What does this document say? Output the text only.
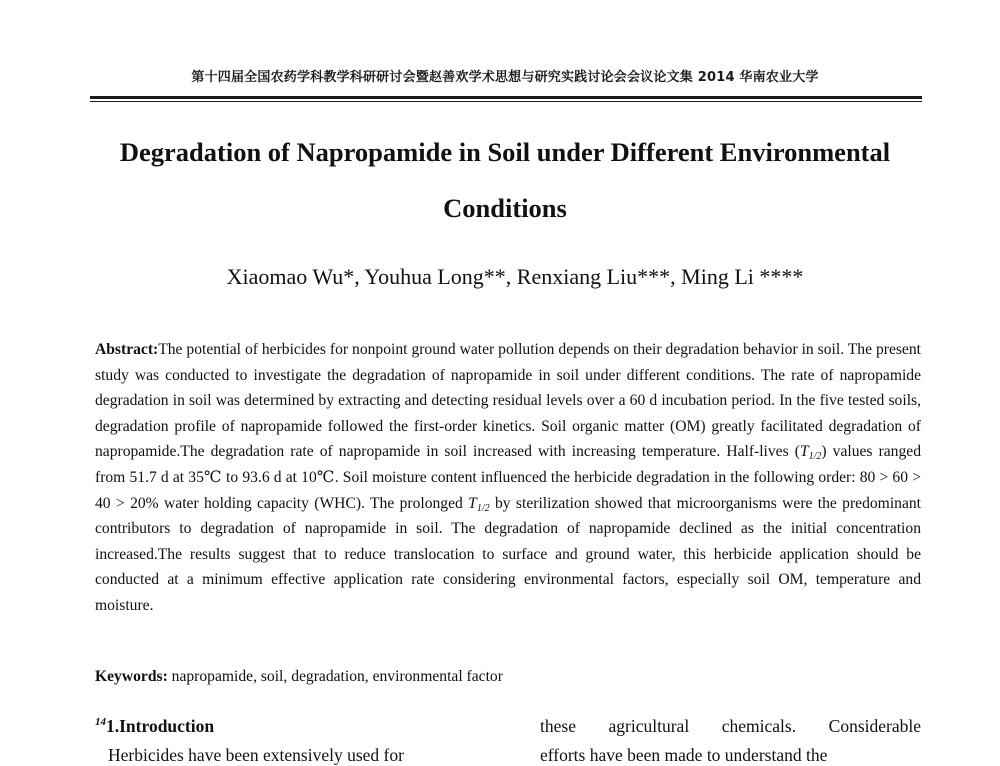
第十四届全国农药学科教学科研研讨会暨赵善欢学术思想与研究实践讨论会会议论文集 2014 华南农业大学
Degradation of Napropamide in Soil under Different Environmental Conditions
Xiaomao Wu*, Youhua Long**, Renxiang Liu***, Ming Li ****
Abstract:The potential of herbicides for nonpoint ground water pollution depends on their degradation behavior in soil. The present study was conducted to investigate the degradation of napropamide in soil under different conditions. The rate of napropamide degradation in soil was determined by extracting and detecting residual levels over a 60 d incubation period. In the five tested soils, degradation profile of napropamide followed the first-order kinetics. Soil organic matter (OM) greatly facilitated degradation of napropamide.The degradation rate of napropamide in soil increased with increasing temperature. Half-lives $(T_{1/2})$ values ranged from 51.7 d at 35℃ to 93.6 d at 10℃. Soil moisture content influenced the herbicide degradation in the following order: 80 > 60 > 40 > 20% water holding capacity (WHC). The prolonged $T_{1/2}$ by sterilization showed that microorganisms were the predominant contributors to degradation of napropamide in soil. The degradation of napropamide declined as the initial concentration increased.The results suggest that to reduce translocation to surface and ground water, this herbicide application should be conducted at a minimum effective application rate considering environmental factors, especially soil OM, temperature and moisture.
Keywords: napropamide, soil, degradation, environmental factor
$^{14}$1.Introduction	these agricultural chemicals. Considerable
Herbicides have been extensively used for	efforts have been made to understand the
